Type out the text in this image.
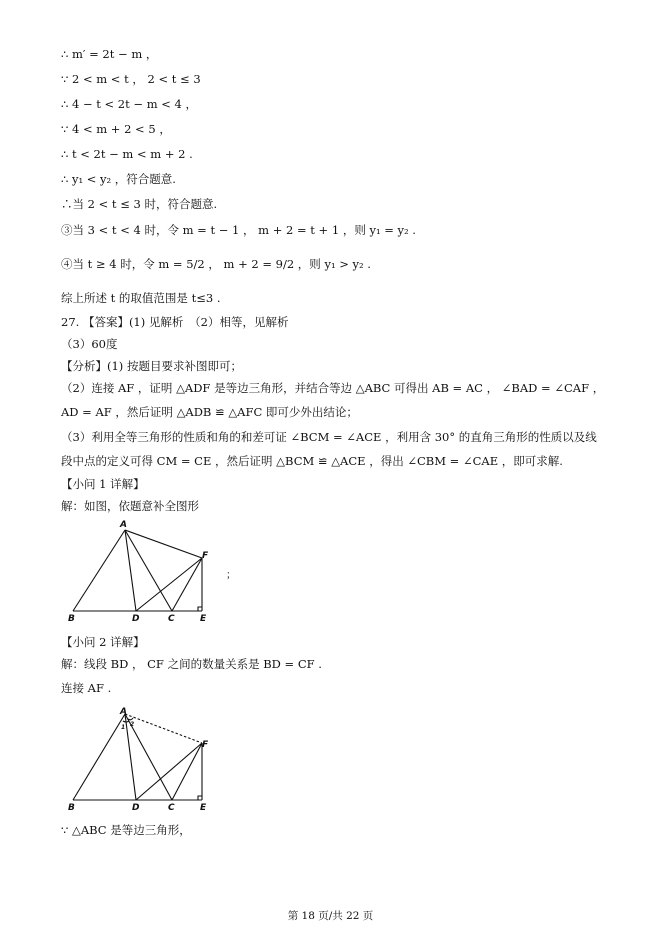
∴ m′ = 2t − m ，
∵ 2 < m < t ， 2 < t ≤ 3
∴ 4 − t < 2t − m < 4 ，
∵ 4 < m + 2 < 5 ，
∴ t < 2t − m < m + 2 .
∴ y₁ < y₂ ，符合题意.
∴当 2 < t ≤ 3 时，符合题意.
③当 3 < t < 4 时，令 m = t − 1 ， m + 2 = t + 1 ，则 y₁ = y₂ .
④当 t ≥ 4 时，令 m = 5/2 ， m + 2 = 9/2 ，则 y₁ > y₂ .
综上所述 t 的取值范围是 t≤3 .
27. 【答案】(1) 见解析　（2）相等，见解析
（3）60度
【分析】(1) 按题目要求补图即可；
（2）连接 AF ，证明 △ADF 是等边三角形，并结合等边 △ABC 可得出 AB = AC ， ∠BAD = ∠CAF ，
AD = AF ，然后证明 △ADB ≌ △AFC 即可少外出结论；
（3）利用全等三角形的性质和角的和差可证 ∠BCM = ∠ACE ，利用含 30° 的直角三角形的性质以及线
段中点的定义可得 CM = CE ，然后证明 △BCM ≌ △ACE ，得出 ∠CBM = ∠CAE ，即可求解.
【小问 1 详解】
解：如图，依题意补全图形
A
B	D	C	E
F
；
【小问 2 详解】
解：线段 BD ， CF 之间的数量关系是 BD = CF .
连接 AF .
A
1 2
B	D	C	E
F
∵ △ABC 是等边三角形，
第 18 页/共 22 页
